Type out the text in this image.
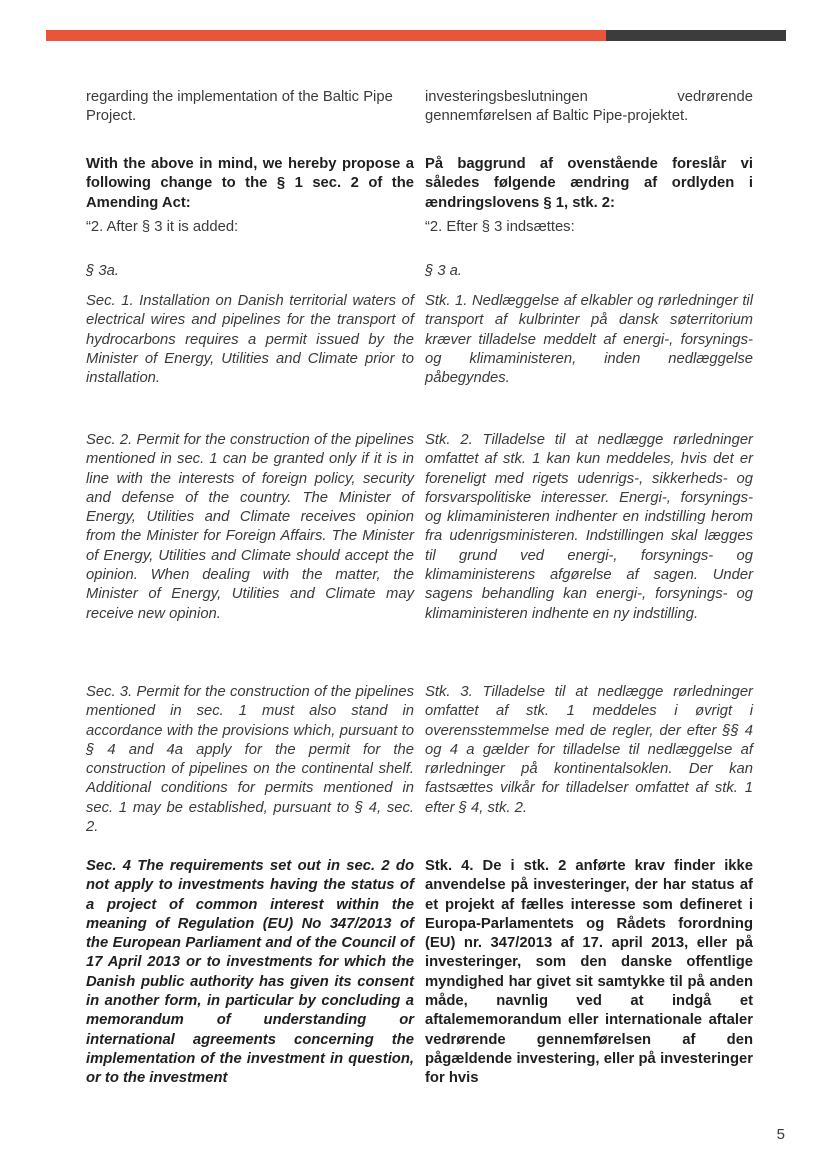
regarding the implementation of the Baltic Pipe Project.

With the above in mind, we hereby propose a following change to the § 1 sec. 2 of the Amending Act:

“2. After § 3 it is added:

§ 3a.

Sec. 1. Installation on Danish territorial waters of electrical wires and pipelines for the transport of hydrocarbons requires a permit issued by the Minister of Energy, Utilities and Climate prior to installation.

Sec. 2. Permit for the construction of the pipelines mentioned in sec. 1 can be granted only if it is in line with the interests of foreign policy, security and defense of the country. The Minister of Energy, Utilities and Climate receives opinion from the Minister for Foreign Affairs. The Minister of Energy, Utilities and Climate should accept the opinion. When dealing with the matter, the Minister of Energy, Utilities and Climate may receive new opinion.

Sec. 3. Permit for the construction of the pipelines mentioned in sec. 1 must also stand in accordance with the provisions which, pursuant to § 4 and 4a apply for the permit for the construction of pipelines on the continental shelf. Additional conditions for permits mentioned in sec. 1 may be established, pursuant to § 4, sec. 2.

Sec. 4 The requirements set out in sec. 2 do not apply to investments having the status of a project of common interest within the meaning of Regulation (EU) No 347/2013 of the European Parliament and of the Council of 17 April 2013 or to investments for which the Danish public authority has given its consent in another form, in particular by concluding a memorandum of understanding or international agreements concerning the implementation of the investment in question, or to the investment

investeringsbeslutningen vedrørende gennemførelsen af Baltic Pipe-projektet.

På baggrund af ovenstående foreslår vi således følgende ændring af ordlyden i ændringslovens § 1, stk. 2:

“2. Efter § 3 indsættes:

§ 3 a.

Stk. 1. Nedlæggelse af elkabler og rørledninger til transport af kulbrinter på dansk søterritorium kræver tilladelse meddelt af energi-, forsynings- og klimaministeren, inden nedlæggelse påbegyndes.

Stk. 2. Tilladelse til at nedlægge rørledninger omfattet af stk. 1 kan kun meddeles, hvis det er foreneligt med rigets udenrigs-, sikkerheds- og forsvarspolitiske interesser. Energi-, forsynings- og klimaministeren indhenter en indstilling herom fra udenrigsministeren. Indstillingen skal lægges til grund ved energi-, forsynings- og klimaministerens afgørelse af sagen. Under sagens behandling kan energi-, forsynings- og klimaministeren indhente en ny indstilling.

Stk. 3. Tilladelse til at nedlægge rørledninger omfattet af stk. 1 meddeles i øvrigt i overensstemmelse med de regler, der efter §§ 4 og 4 a gælder for tilladelse til nedlæggelse af rørledninger på kontinentalsoklen. Der kan fastsættes vilkår for tilladelser omfattet af stk. 1 efter § 4, stk. 2.

Stk. 4. De i stk. 2 anførte krav finder ikke anvendelse på investeringer, der har status af et projekt af fælles interesse som defineret i Europa-Parlamentets og Rådets forordning (EU) nr. 347/2013 af 17. april 2013, eller på investeringer, som den danske offentlige myndighed har givet sit samtykke til på anden måde, navnlig ved at indgå et aftalememorandum eller internationale aftaler vedrørende gennemførelsen af den pågældende investering, eller på investeringer for hvis

5
